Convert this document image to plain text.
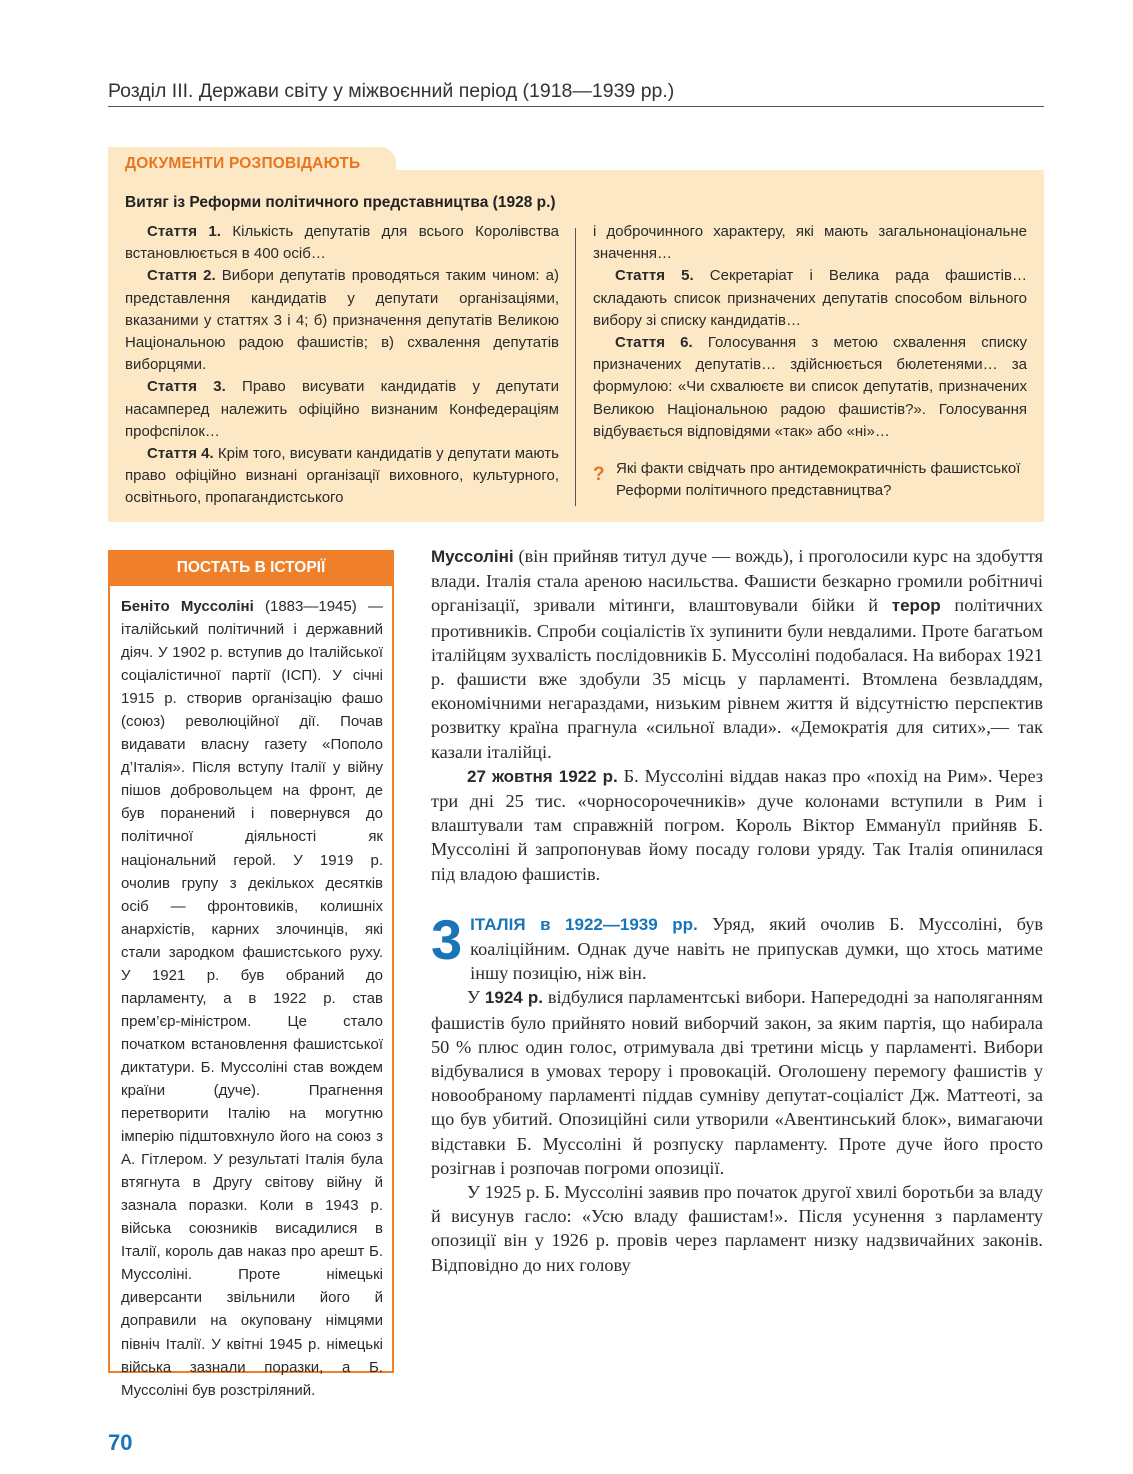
Розділ ІІІ. Держави світу у міжвоєнний період (1918—1939 рр.)
ДОКУМЕНТИ РОЗПОВІДАЮТЬ
Витяг із Реформи політичного представництва (1928 р.)

Стаття 1. Кількість депутатів для всього Королівства встановлюється в 400 осіб…

Стаття 2. Вибори депутатів проводяться таким чином: а) представлення кандидатів у депутати організаціями, вказаними у статтях 3 і 4; б) призначення депутатів Великою Національною радою фашистів; в) схвалення депутатів виборцями.

Стаття 3. Право висувати кандидатів у депутати насамперед належить офіційно визнаним Конфедераціям профспілок…

Стаття 4. Крім того, висувати кандидатів у депутати мають право офіційно визнані організації виховного, культурного, освітнього, пропагандистського

і доброчинного характеру, які мають загальнонаціональне значення…

Стаття 5. Секретаріат і Велика рада фашистів… складають список призначених депутатів способом вільного вибору зі списку кандидатів…

Стаття 6. Голосування з метою схвалення списку призначених депутатів… здійснюється бюлетенями… за формулою: «Чи схвалюєте ви список депутатів, призначених Великою Національною радою фашистів?». Голосування відбувається відповідями «так» або «ні»…

? Які факти свідчать про антидемократичність фашистської Реформи політичного представництва?
ПОСТАТЬ В ІСТОРІЇ

Беніто Муссоліні (1883—1945) — італійський політичний і державний діяч. У 1902 р. вступив до Італійської соціалістичної партії (ІСП). У січні 1915 р. створив організацію фашо (союз) революційної дії. Почав видавати власну газету «Пополо д’Італія». Після вступу Італії у війну пішов добровольцем на фронт, де був поранений і повернувся до політичної діяльності як національний герой. У 1919 р. очолив групу з декількох десятків осіб — фронтовиків, колишніх анархістів, карних злочинців, які стали зародком фашистського руху. У 1921 р. був обраний до парламенту, а в 1922 р. став прем’єр-міністром. Це стало початком встановлення фашистської диктатури. Б. Муссоліні став вождем країни (дуче). Прагнення перетворити Італію на могутню імперію підштовхнуло його на союз з А. Гітлером. У результаті Італія була втягнута в Другу світову війну й зазнала поразки. Коли в 1943 р. війська союзників висадилися в Італії, король дав наказ про арешт Б. Муссоліні. Проте німецькі диверсанти звільнили його й доправили на окуповану німцями північ Італії. У квітні 1945 р. німецькі війська зазнали поразки, а Б. Муссоліні був розстріляний.

Муссоліні (він прийняв титул дуче — вождь), і проголосили курс на здобуття влади. Італія стала ареною насильства. Фашисти безкарно громили робітничі організації, зривали мітинги, влаштовували бійки й терор політичних противників. Спроби соціалістів їх зупинити були невдалими. Проте багатьом італійцям зухвалість послідовників Б. Муссоліні подобалася. На виборах 1921 р. фашисти вже здобули 35 місць у парламенті. Втомлена безвладдям, економічними негараздами, низьким рівнем життя й відсутністю перспектив розвитку країна прагнула «сильної влади». «Демократія для ситих»,— так казали італійці.

27 жовтня 1922 р. Б. Муссоліні віддав наказ про «похід на Рим». Через три дні 25 тис. «чорносорочечників» дуче колонами вступили в Рим і влаштували там справжній погром. Король Віктор Еммануїл прийняв Б. Муссоліні й запропонував йому посаду голови уряду. Так Італія опинилася під владою фашистів.

3 ІТАЛІЯ в 1922—1939 рр. Уряд, який очолив Б. Муссоліні, був коаліційним. Однак дуче навіть не припускав думки, що хтось матиме іншу позицію, ніж він.

У 1924 р. відбулися парламентські вибори. Напередодні за наполяганням фашистів було прийнято новий виборчий закон, за яким партія, що набирала 50 % плюс один голос, отримувала дві третини місць у парламенті. Вибори відбувалися в умовах терору і провокацій. Оголошену перемогу фашистів у новообраному парламенті піддав сумніву депутат-соціаліст Дж. Маттеоті, за що був убитий. Опозиційні сили утворили «Авентинський блок», вимагаючи відставки Б. Муссоліні й розпуску парламенту. Проте дуче його просто розігнав і розпочав погроми опозиції.

У 1925 р. Б. Муссоліні заявив про початок другої хвилі боротьби за владу й висунув гасло: «Усю владу фашистам!». Після усунення з парламенту опозиції він у 1926 р. провів через парламент низку надзвичайних законів. Відповідно до них голову

70
